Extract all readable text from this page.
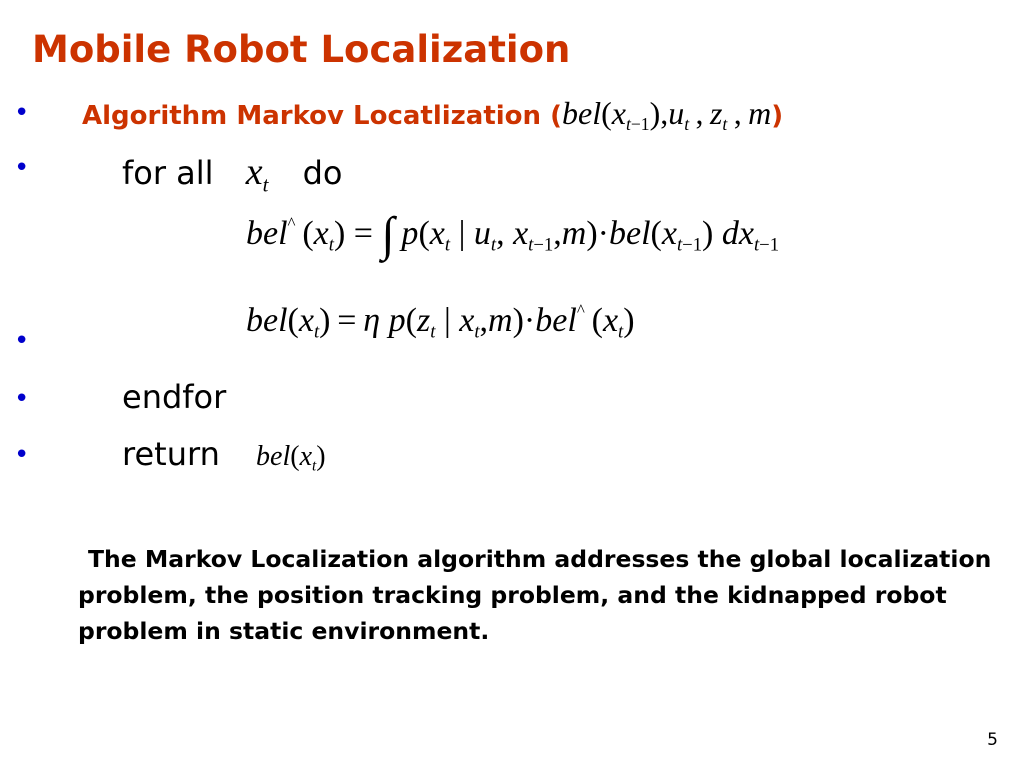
Mobile Robot Localization
• Algorithm Markov Locatlization ($bel(x_{t-1}),u_t$ , $z_t$ , m)
•	for all $x_t$ do
bel^ $(x_t)$ = ∫ $p(x_t$ | $u_t$, $x_{t-1},m)\cdot bel(x_{t-1})$ $dx_{t-1}$
•
$bel(x_t) = \eta$ $p(z_t$ | $x_t,m)\cdot bel^{\^{}}$ $(x_t)$
•	endfor
•	return $bel(x_t)$
The Markov Localization algorithm addresses the global localization problem, the position tracking problem, and the kidnapped robot problem in static environment.
5
